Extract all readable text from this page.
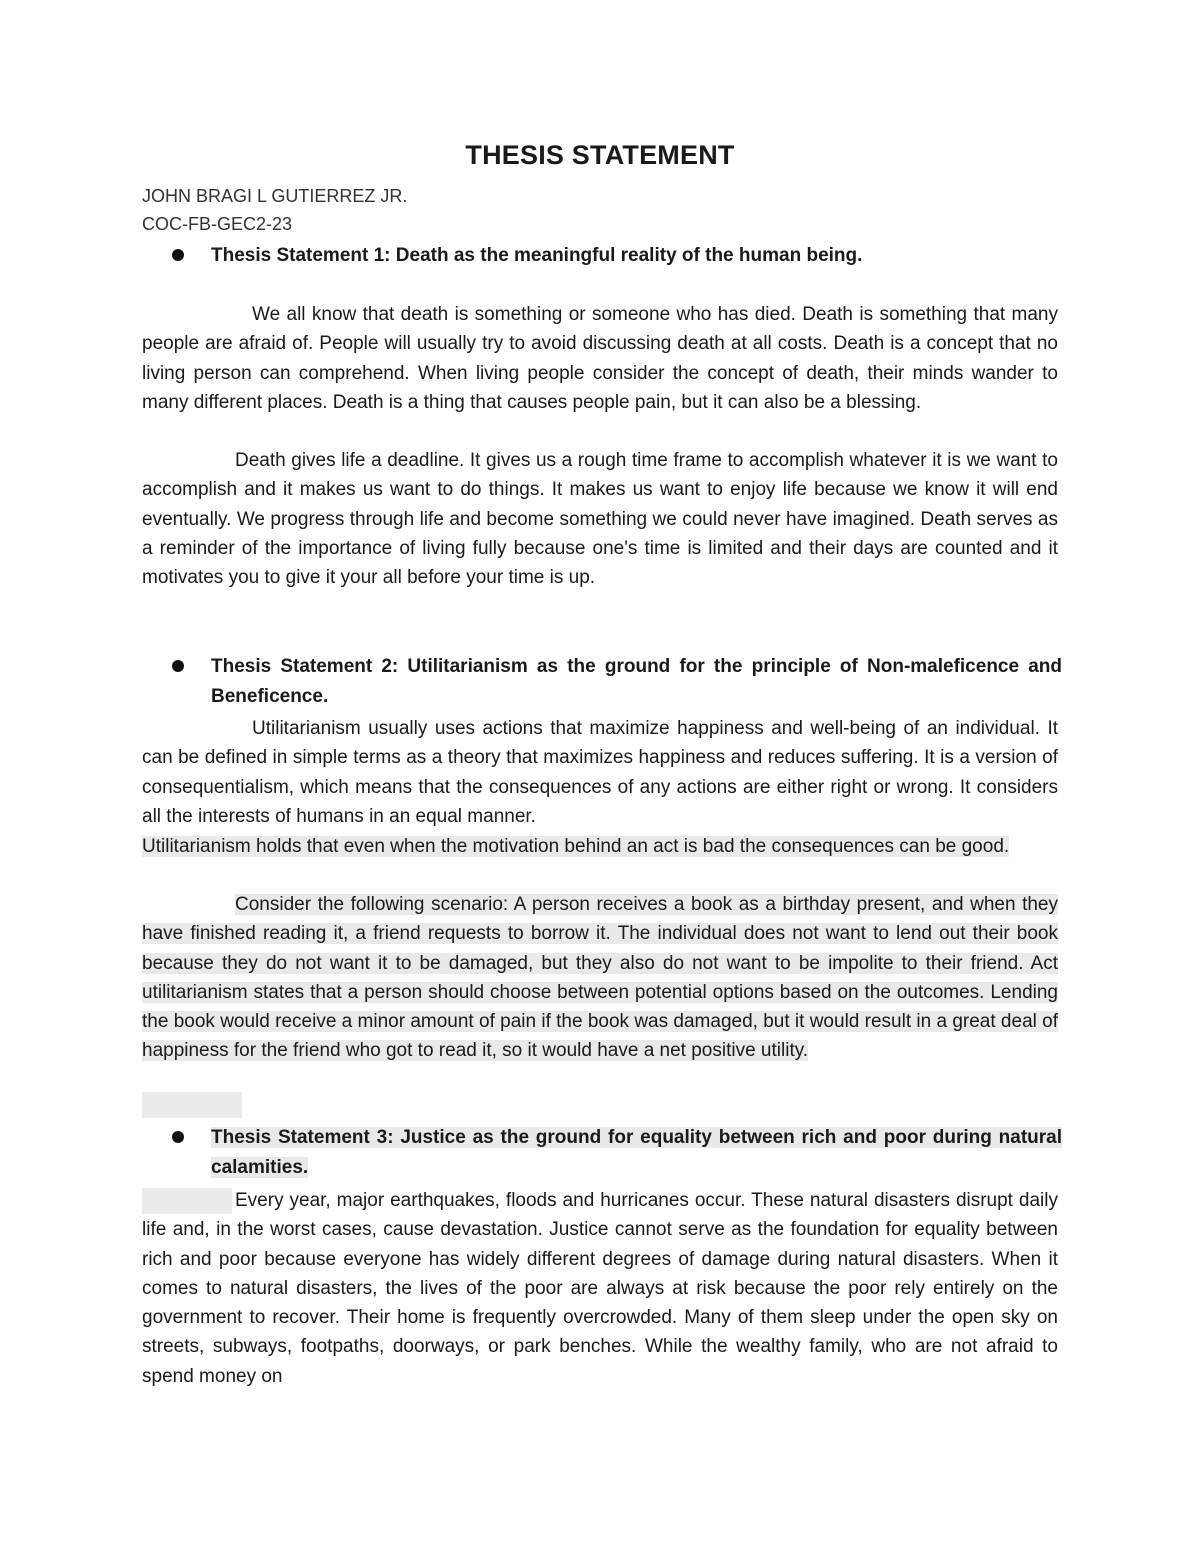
THESIS STATEMENT
JOHN BRAGI L GUTIERREZ JR.
COC-FB-GEC2-23
Thesis Statement 1: Death as the meaningful reality of the human being.
We all know that death is something or someone who has died. Death is something that many people are afraid of. People will usually try to avoid discussing death at all costs. Death is a concept that no living person can comprehend. When living people consider the concept of death, their minds wander to many different places. Death is a thing that causes people pain, but it can also be a blessing.
Death gives life a deadline. It gives us a rough time frame to accomplish whatever it is we want to accomplish and it makes us want to do things. It makes us want to enjoy life because we know it will end eventually. We progress through life and become something we could never have imagined. Death serves as a reminder of the importance of living fully because one's time is limited and their days are counted and it motivates you to give it your all before your time is up.
Thesis Statement 2: Utilitarianism as the ground for the principle of Non-maleficence and Beneficence.
Utilitarianism usually uses actions that maximize happiness and well-being of an individual. It can be defined in simple terms as a theory that maximizes happiness and reduces suffering. It is a version of consequentialism, which means that the consequences of any actions are either right or wrong. It considers all the interests of humans in an equal manner.
Utilitarianism holds that even when the motivation behind an act is bad the consequences can be good.
Consider the following scenario: A person receives a book as a birthday present, and when they have finished reading it, a friend requests to borrow it. The individual does not want to lend out their book because they do not want it to be damaged, but they also do not want to be impolite to their friend. Act utilitarianism states that a person should choose between potential options based on the outcomes. Lending the book would receive a minor amount of pain if the book was damaged, but it would result in a great deal of happiness for the friend who got to read it, so it would have a net positive utility.
Thesis Statement 3: Justice as the ground for equality between rich and poor during natural calamities.
Every year, major earthquakes, floods and hurricanes occur. These natural disasters disrupt daily life and, in the worst cases, cause devastation. Justice cannot serve as the foundation for equality between rich and poor because everyone has widely different degrees of damage during natural disasters. When it comes to natural disasters, the lives of the poor are always at risk because the poor rely entirely on the government to recover. Their home is frequently overcrowded. Many of them sleep under the open sky on streets, subways, footpaths, doorways, or park benches. While the wealthy family, who are not afraid to spend money on
